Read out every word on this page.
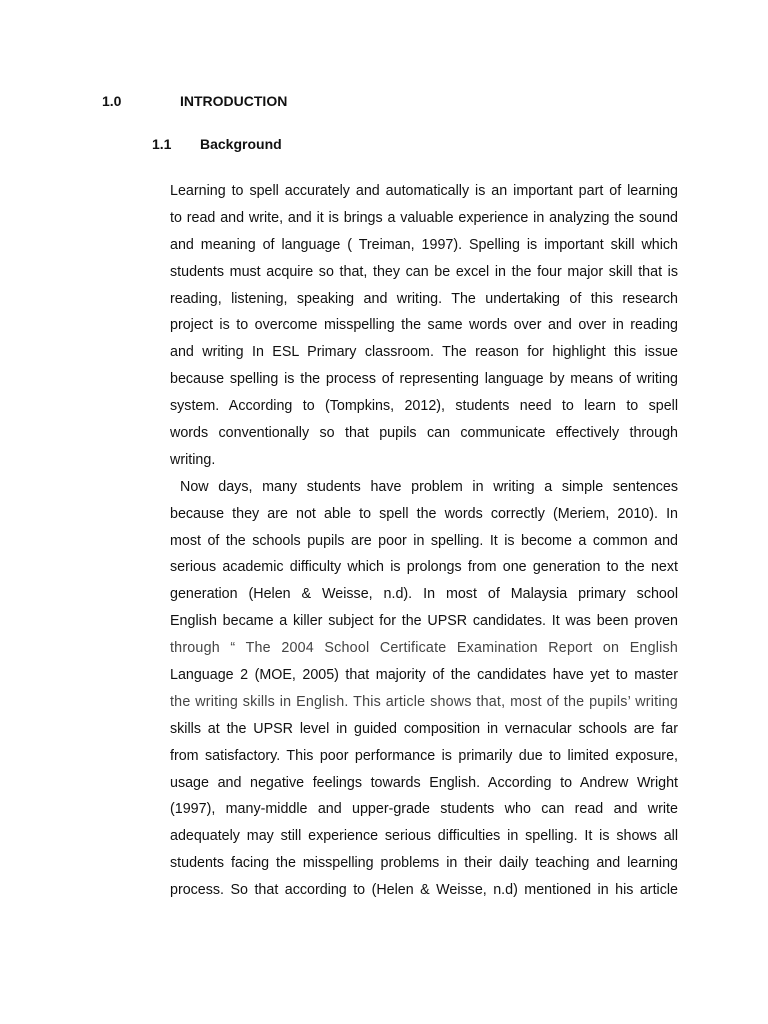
1.0	INTRODUCTION
1.1 Background
Learning to spell accurately and automatically is an important part of learning
to read and write, and it is brings a valuable experience in analyzing the sound
and meaning of language ( Treiman, 1997). Spelling is important skill which
students must acquire so that, they can be excel in the four major skill that is
reading, listening, speaking and writing. The undertaking of this research
project is to overcome misspelling the same words over and over in reading
and writing In ESL Primary classroom. The reason for highlight this issue
because spelling is the process of representing language by means of writing
system. According to (Tompkins, 2012), students need to learn to spell
words conventionally so that pupils can communicate effectively through
writing.
Now days, many students have problem in writing a simple sentences
because they are not able to spell the words correctly (Meriem, 2010). In
most of the schools pupils are poor in spelling. It is become a common and
serious academic difficulty which is prolongs from one generation to the next
generation (Helen & Weisse, n.d). In most of Malaysia primary school
English became a killer subject for the UPSR candidates. It was been proven
through “ The 2004 School Certificate Examination Report on English
Language 2 (MOE, 2005) that majority of the candidates have yet to master
the writing skills in English. This article shows that, most of the pupils’ writing
skills at the UPSR level in guided composition in vernacular schools are far
from satisfactory. This poor performance is primarily due to limited exposure,
usage and negative feelings towards English. According to Andrew Wright
(1997), many-middle and upper-grade students who can read and write
adequately may still experience serious difficulties in spelling. It is shows all
students facing the misspelling problems in their daily teaching and learning
process. So that according to (Helen & Weisse, n.d) mentioned in his article
